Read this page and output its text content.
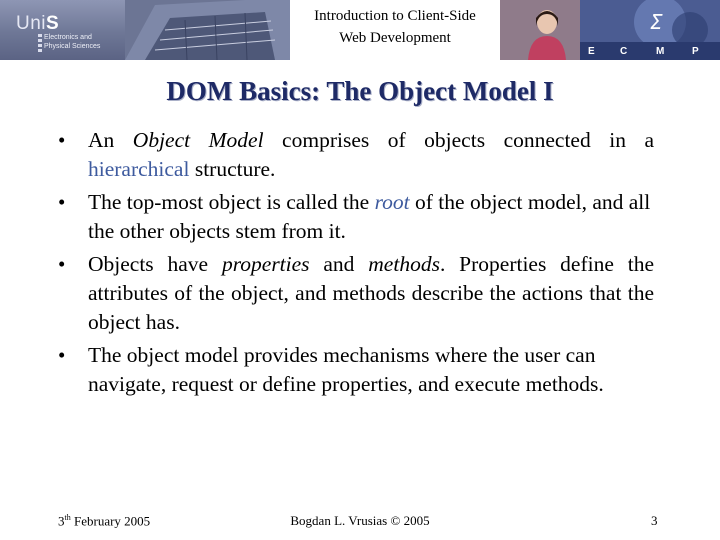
UniS
Electronics and
Physical Sciences
Introduction to Client-Side
Web Development
Σ
E	C	M	P
DOM Basics: The Object Model I
• An Object Model comprises of objects connected in a hierarchical structure.
• The top-most object is called the root of the object model, and all the other objects stem from it.
• Objects have properties and methods. Properties define the attributes of the object, and methods describe the actions that the object has.
• The object model provides mechanisms where the user can navigate, request or define properties, and execute methods.
3th February 2005	Bogdan L. Vrusias © 2005	3
